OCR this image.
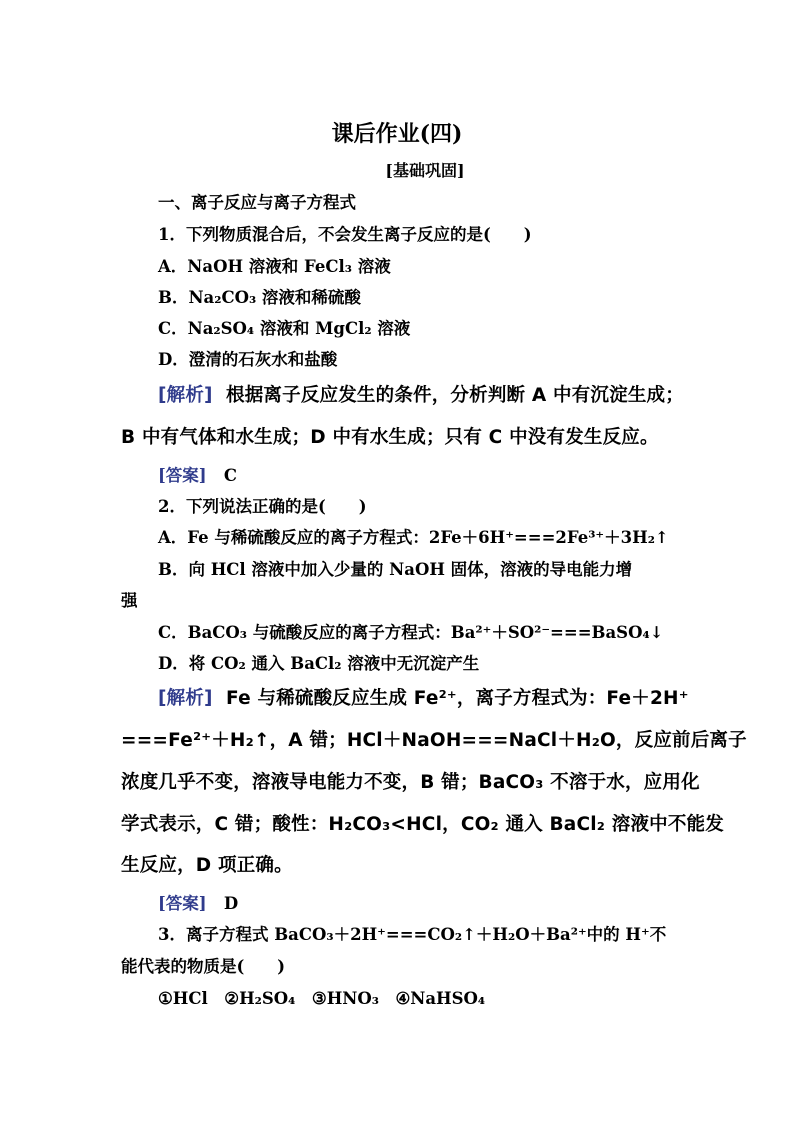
课后作业(四)
[基础巩固]
一、离子反应与离子方程式
1．下列物质混合后，不会发生离子反应的是(　　)
A．NaOH 溶液和 FeCl₃ 溶液
B．Na₂CO₃ 溶液和稀硫酸
C．Na₂SO₄ 溶液和 MgCl₂ 溶液
D．澄清的石灰水和盐酸
[解析] 根据离子反应发生的条件，分析判断 A 中有沉淀生成；
B 中有气体和水生成；D 中有水生成；只有 C 中没有发生反应。
[答案] C
2．下列说法正确的是(　　)
A．Fe 与稀硫酸反应的离子方程式：2Fe＋6H⁺===2Fe³⁺＋3H₂↑
B．向 HCl 溶液中加入少量的 NaOH 固体，溶液的导电能力增
强
C．BaCO₃ 与硫酸反应的离子方程式：Ba²⁺＋SO²⁻===BaSO₄↓
D．将 CO₂ 通入 BaCl₂ 溶液中无沉淀产生
[解析] Fe 与稀硫酸反应生成 Fe²⁺，离子方程式为：Fe＋2H⁺
===Fe²⁺＋H₂↑，A 错；HCl＋NaOH===NaCl＋H₂O，反应前后离子
浓度几乎不变，溶液导电能力不变，B 错；BaCO₃ 不溶于水，应用化
学式表示，C 错；酸性：H₂CO₃<HCl，CO₂ 通入 BaCl₂ 溶液中不能发
生反应，D 项正确。
[答案] D
3．离子方程式 BaCO₃＋2H⁺===CO₂↑＋H₂O＋Ba²⁺中的 H⁺不
能代表的物质是(　　)
①HCl　②H₂SO₄　③HNO₃　④NaHSO₄
